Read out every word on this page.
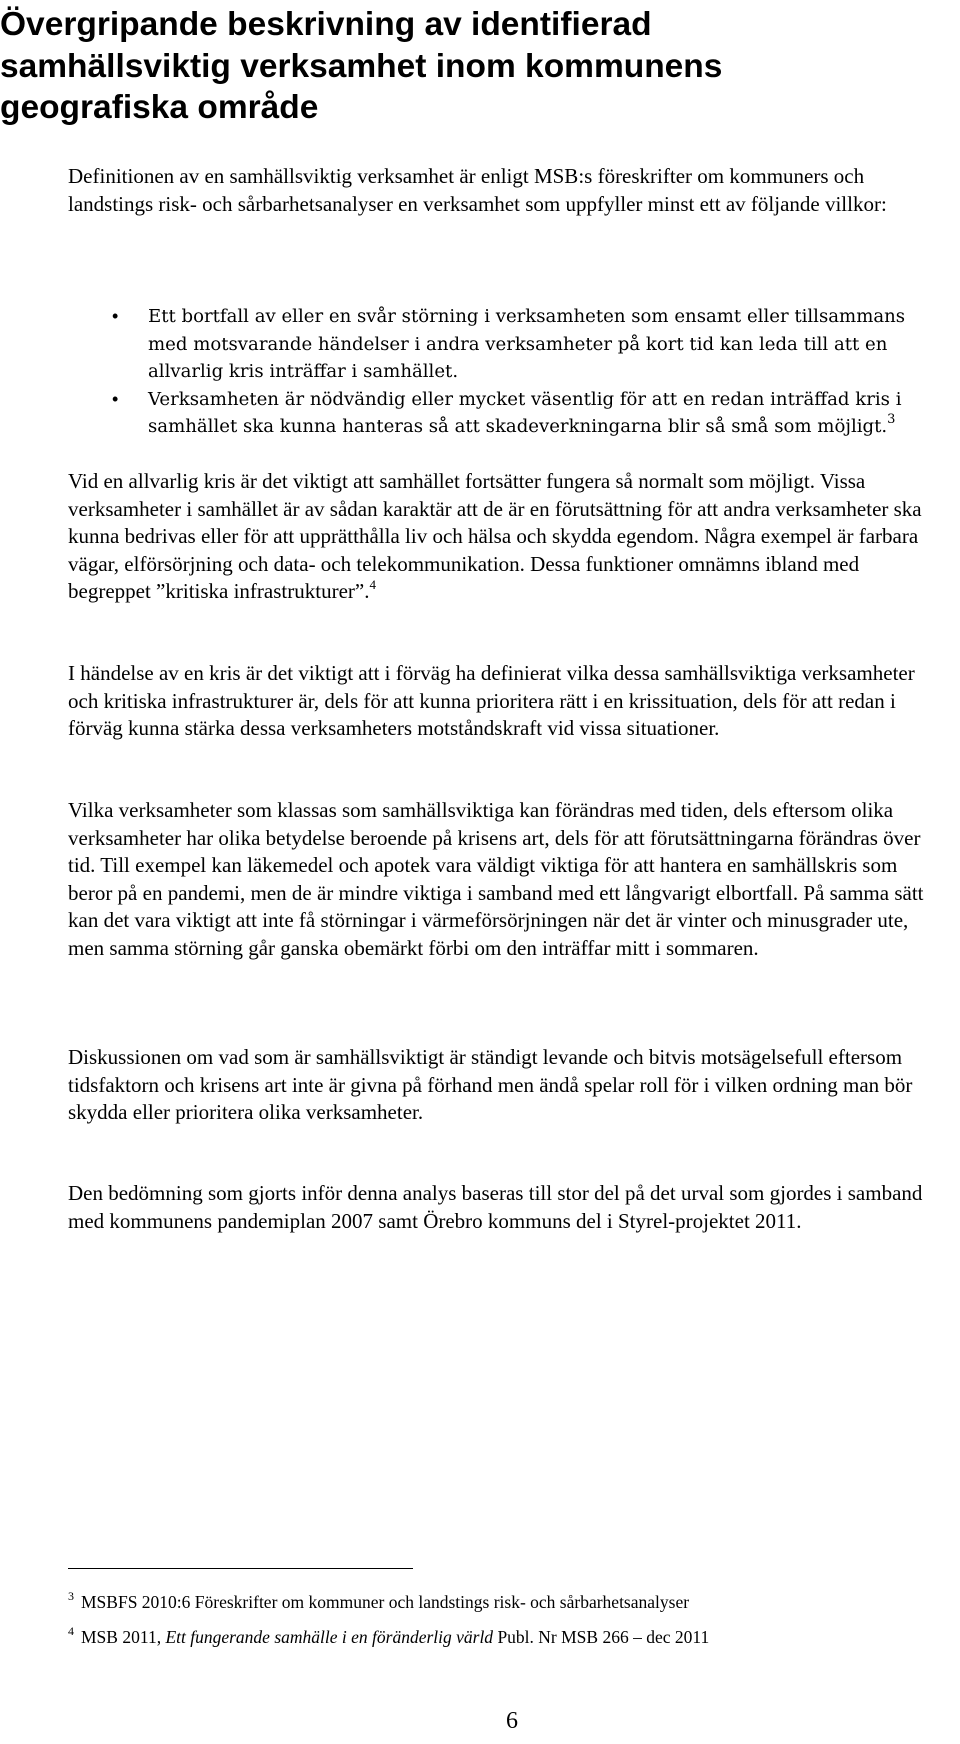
Övergripande beskrivning av identifierad
samhällsviktig verksamhet inom kommunens
geografiska område

Definitionen av en samhällsviktig verksamhet är enligt MSB:s föreskrifter om kommuners och landstings risk- och sårbarhetsanalyser en verksamhet som uppfyller minst ett av följande villkor:

• Ett bortfall av eller en svår störning i verksamheten som ensamt eller tillsammans med motsvarande händelser i andra verksamheter på kort tid kan leda till att en allvarlig kris inträffar i samhället.
• Verksamheten är nödvändig eller mycket väsentlig för att en redan inträffad kris i samhället ska kunna hanteras så att skadeverkningarna blir så små som möjligt.$^3$

Vid en allvarlig kris är det viktigt att samhället fortsätter fungera så normalt som möjligt. Vissa verksamheter i samhället är av sådan karaktär att de är en förutsättning för att andra verksamheter ska kunna bedrivas eller för att upprätthålla liv och hälsa och skydda egendom. Några exempel är farbara vägar, elförsörjning och data- och telekommunikation. Dessa funktioner omnämns ibland med begreppet ”kritiska infrastrukturer”.$^4$

I händelse av en kris är det viktigt att i förväg ha definierat vilka dessa samhällsviktiga verksamheter och kritiska infrastrukturer är, dels för att kunna prioritera rätt i en krissituation, dels för att redan i förväg kunna stärka dessa verksamheters motståndskraft vid vissa situationer.

Vilka verksamheter som klassas som samhällsviktiga kan förändras med tiden, dels eftersom olika verksamheter har olika betydelse beroende på krisens art, dels för att förutsättningarna förändras över tid. Till exempel kan läkemedel och apotek vara väldigt viktiga för att hantera en samhällskris som beror på en pandemi, men de är mindre viktiga i samband med ett långvarigt elbortfall. På samma sätt kan det vara viktigt att inte få störningar i värmeförsörjningen när det är vinter och minusgrader ute, men samma störning går ganska obemärkt förbi om den inträffar mitt i sommaren.

Diskussionen om vad som är samhällsviktigt är ständigt levande och bitvis motsägelsefull eftersom tidsfaktorn och krisens art inte är givna på förhand men ändå spelar roll för i vilken ordning man bör skydda eller prioritera olika verksamheter.

Den bedömning som gjorts inför denna analys baseras till stor del på det urval som gjordes i samband med kommunens pandemiplan 2007 samt Örebro kommuns del i Styrel-projektet 2011.

$^3$ MSBFS 2010:6 Föreskrifter om kommuner och landstings risk- och sårbarhetsanalyser

$^4$ MSB 2011, Ett fungerande samhälle i en föränderlig värld Publ. Nr MSB 266 – dec 2011

6
